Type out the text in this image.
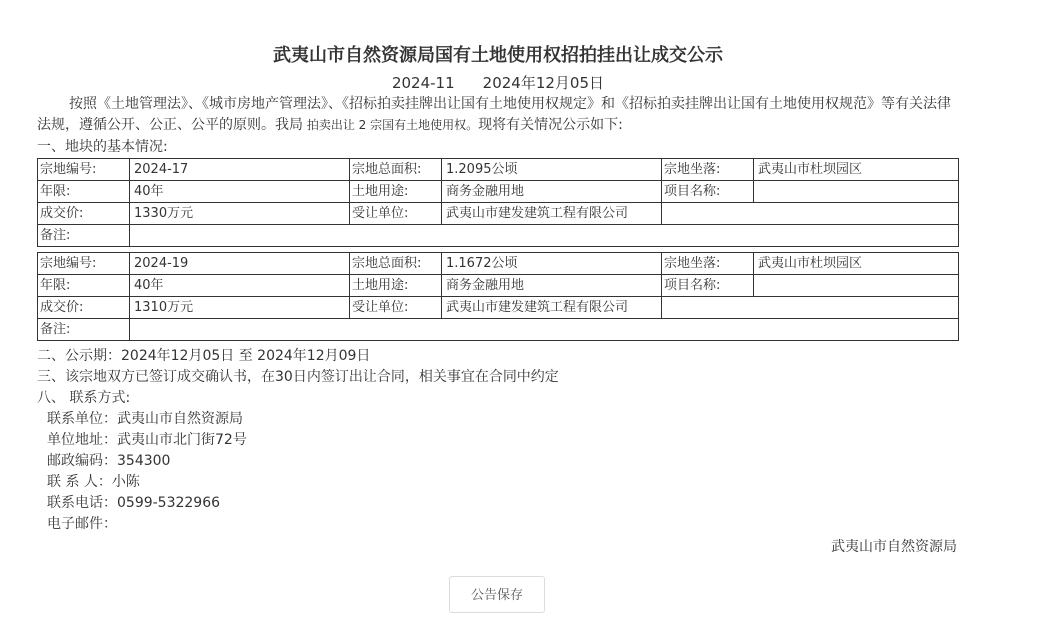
武夷山市自然资源局国有土地使用权招拍挂出让成交公示
2024-11 2024年12月05日
按照《土地管理法》、《城市房地产管理法》、《招标拍卖挂牌出让国有土地使用权规定》和《招标拍卖挂牌出让国有土地使用权规范》等有关法律法规，遵循公开、公正、公平的原则。我局 拍卖出让 2 宗国有土地使用权。现将有关情况公示如下:
一、地块的基本情况:
宗地编号:	2024-17	宗地总面积:	1.2095公顷	宗地坐落:	武夷山市杜坝园区
年限:	40年	土地用途:	商务金融用地	项目名称:	
成交价:	1330万元	受让单位:	武夷山市建发建筑工程有限公司		
备注:					
宗地编号:	2024-19	宗地总面积:	1.1672公顷	宗地坐落:	武夷山市杜坝园区
年限:	40年	土地用途:	商务金融用地	项目名称:	
成交价:	1310万元	受让单位:	武夷山市建发建筑工程有限公司		
备注:					
二、公示期：2024年12月05日 至 2024年12月09日
三、该宗地双方已签订成交确认书，在30日内签订出让合同，相关事宜在合同中约定
八、 联系方式:
联系单位：武夷山市自然资源局
单位地址：武夷山市北门街72号
邮政编码：354300
联 系 人：小陈
联系电话：0599-5322966
电子邮件：
武夷山市自然资源局
公告保存
